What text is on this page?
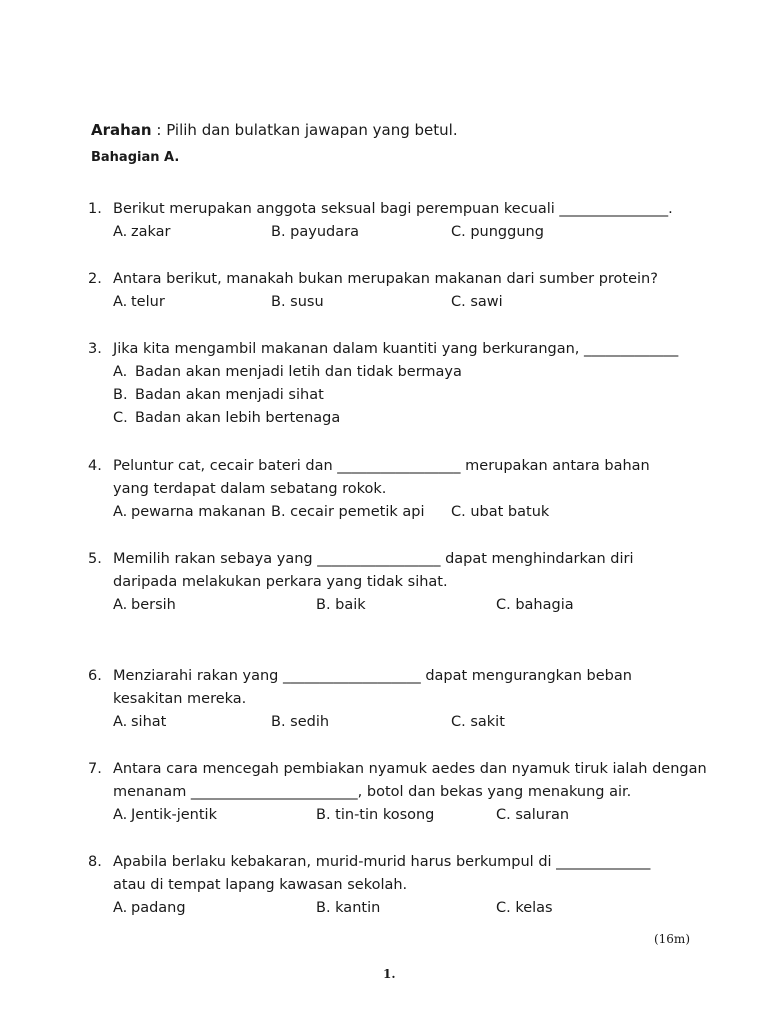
Arahan : Pilih dan bulatkan jawapan yang betul.
Bahagian A.
1. Berikut merupakan anggota seksual bagi perempuan kecuali _______________.
A. zakar	B. payudara	C. punggung
2. Antara berikut, manakah bukan merupakan makanan dari sumber protein?
A. telur	B. susu	C. sawi
3. Jika kita mengambil makanan dalam kuantiti yang berkurangan, _____________
A. Badan akan menjadi letih dan tidak bermaya
B. Badan akan menjadi sihat
C. Badan akan lebih bertenaga
4. Peluntur cat, cecair bateri dan _________________ merupakan antara bahan
yang terdapat dalam sebatang rokok.
A. pewarna makanan B. cecair pemetik api C. ubat batuk
5. Memilih rakan sebaya yang _________________ dapat menghindarkan diri
daripada melakukan perkara yang tidak sihat.
A. bersih	B. baik	C. bahagia
6. Menziarahi rakan yang ___________________ dapat mengurangkan beban
kesakitan mereka.
A. sihat	B. sedih	C. sakit
7. Antara cara mencegah pembiakan nyamuk aedes dan nyamuk tiruk ialah dengan
menanam _______________________, botol dan bekas yang menakung air.
A. Jentik-jentik	B. tin-tin kosong	C. saluran
8. Apabila berlaku kebakaran, murid-murid harus berkumpul di _____________
atau di tempat lapang kawasan sekolah.
A. padang	B. kantin	C. kelas
(16m)
1.
